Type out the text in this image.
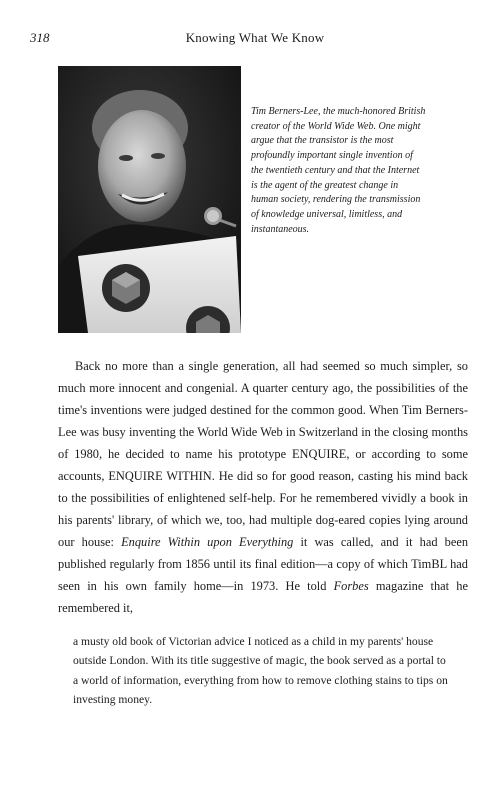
318	Knowing What We Know
Tim Berners-Lee, the much-honored British creator of the World Wide Web. One might argue that the transistor is the most profoundly important single invention of the twentieth century and that the Internet is the agent of the greatest change in human society, rendering the transmission of knowledge universal, limitless, and instantaneous.

Back no more than a single generation, all had seemed so much simpler, so much more innocent and congenial. A quarter century ago, the possibilities of the time's inventions were judged destined for the common good. When Tim Berners-Lee was busy inventing the World Wide Web in Switzerland in the closing months of 1980, he decided to name his prototype ENQUIRE, or according to some accounts, ENQUIRE WITHIN. He did so for good reason, casting his mind back to the possibilities of enlightened self-help. For he remembered vividly a book in his parents' library, of which we, too, had multiple dog-eared copies lying around our house: Enquire Within upon Everything it was called, and it had been published regularly from 1856 until its final edition—a copy of which TimBL had seen in his own family home—in 1973. He told Forbes magazine that he remembered it,

a musty old book of Victorian advice I noticed as a child in my parents' house outside London. With its title suggestive of magic, the book served as a portal to a world of information, everything from how to remove clothing stains to tips on investing money.
